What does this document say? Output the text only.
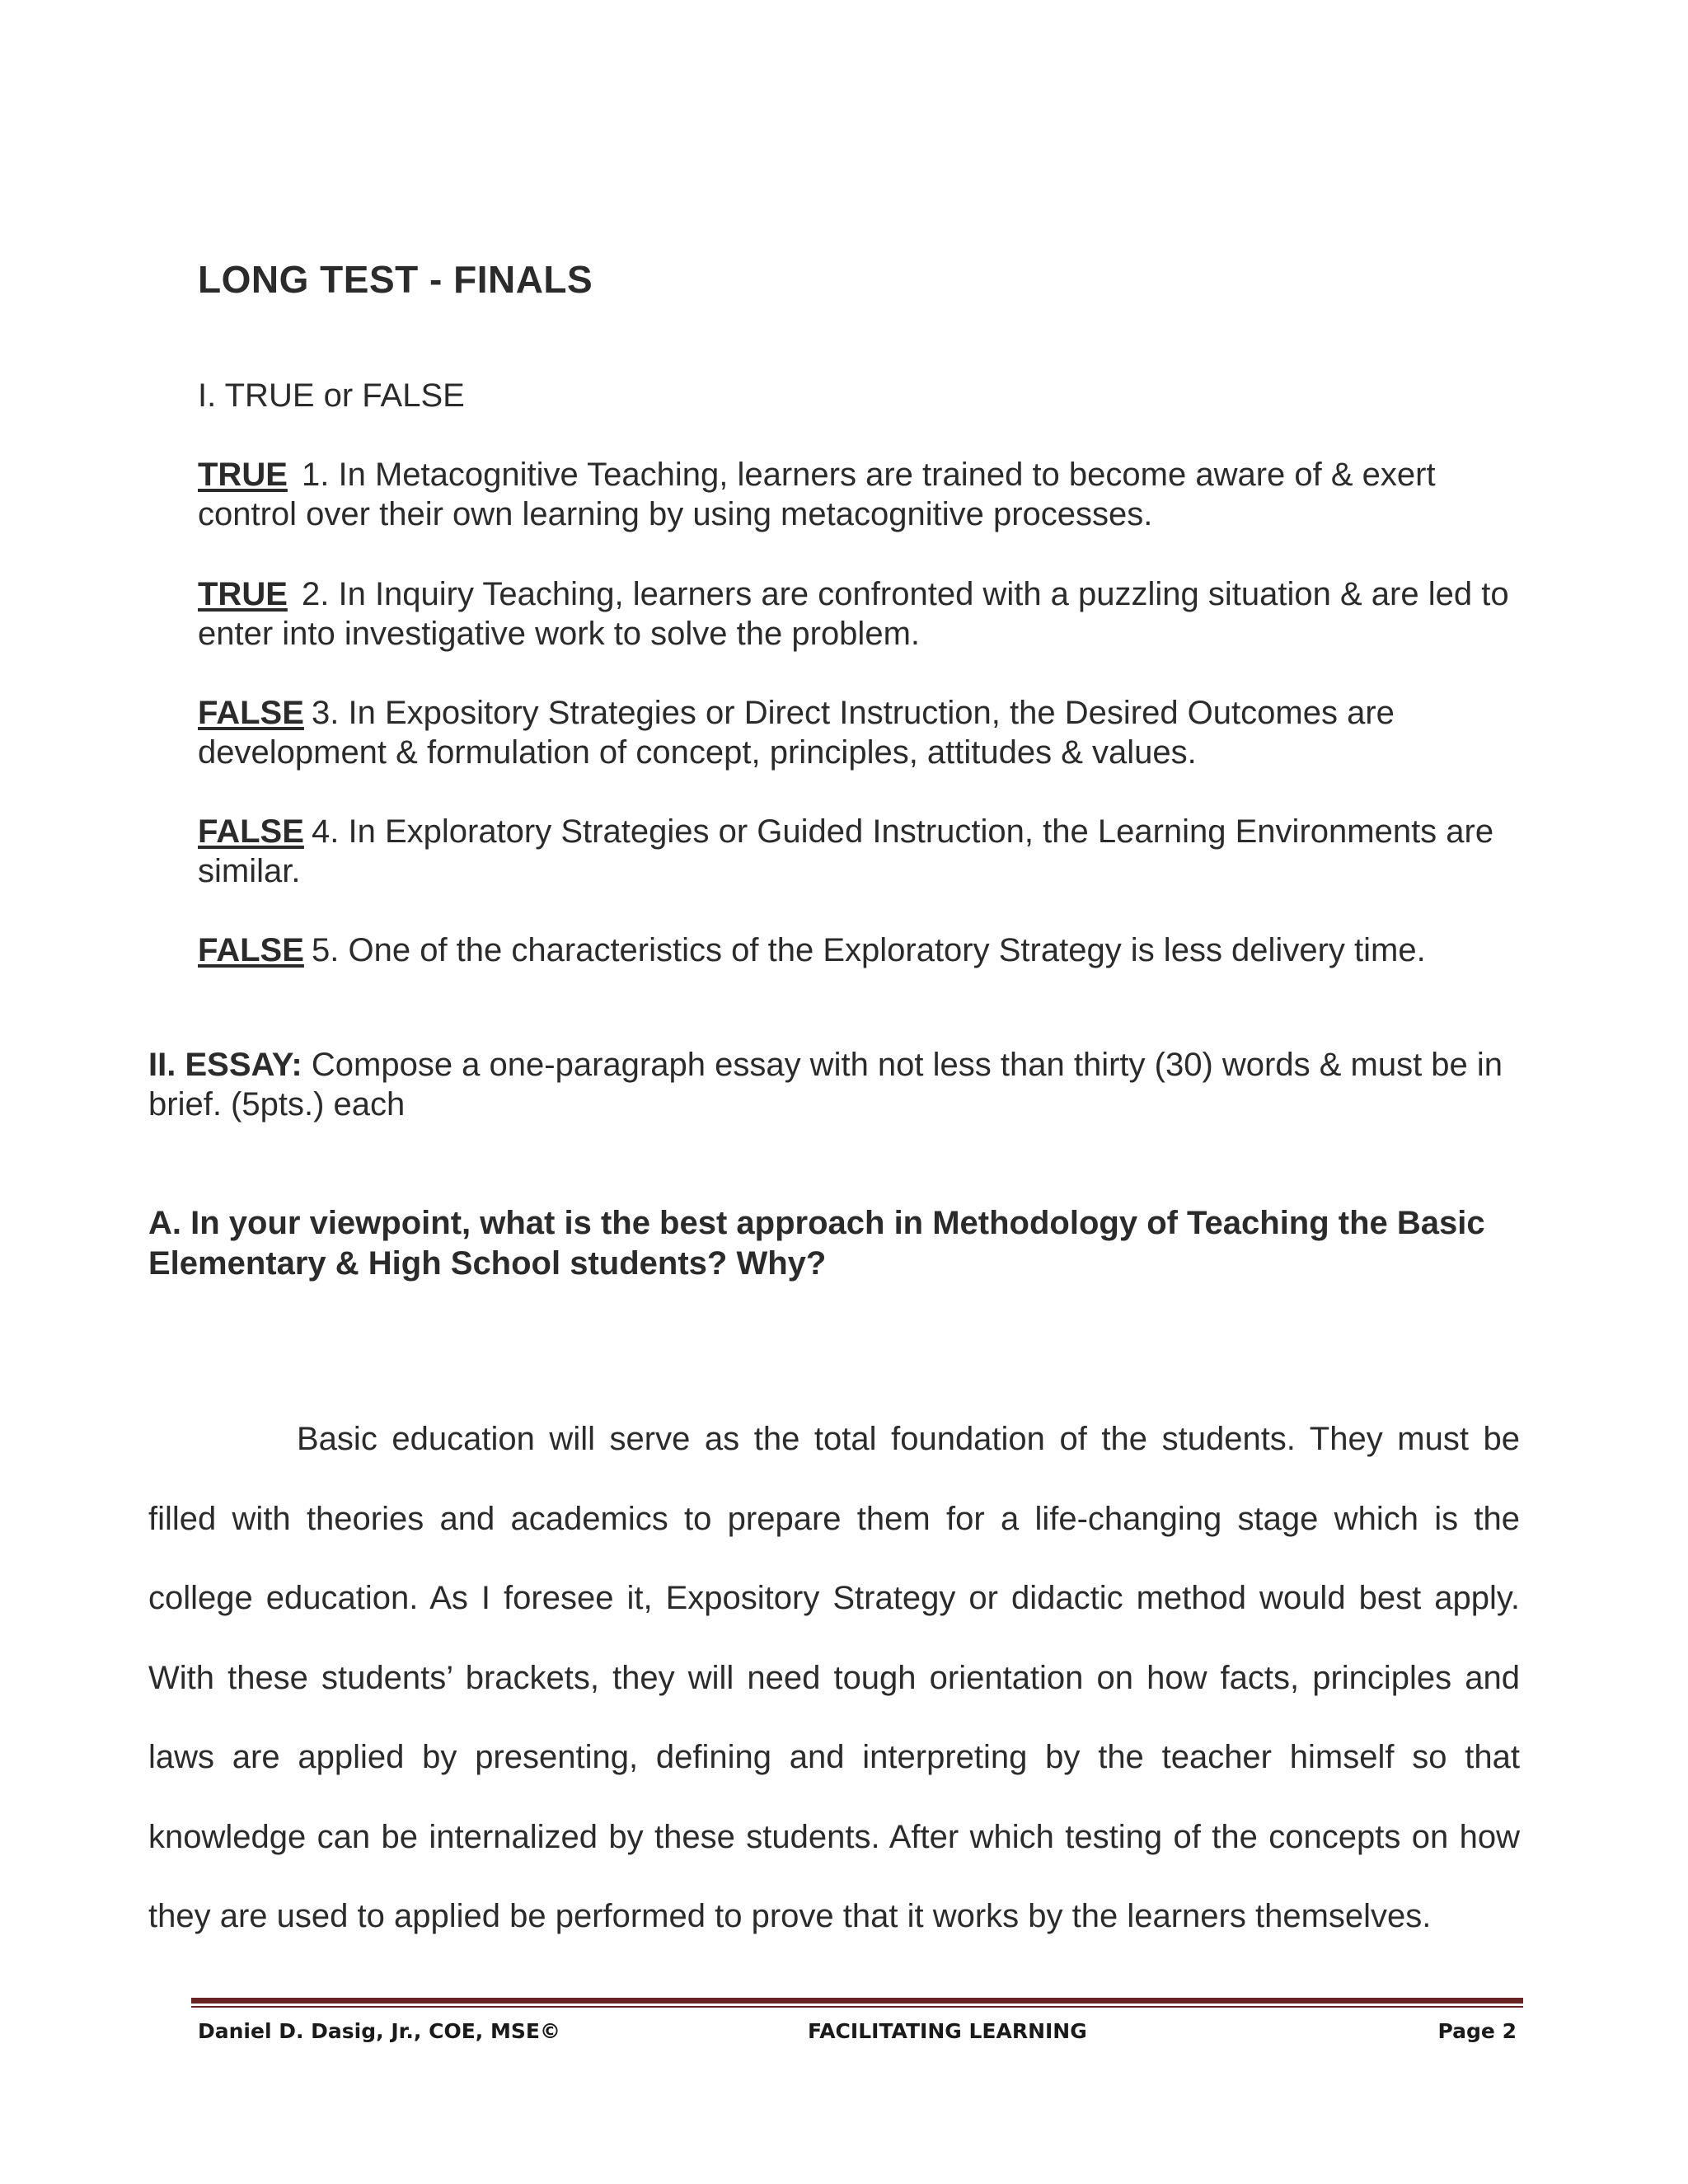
LONG TEST - FINALS
I. TRUE or FALSE
TRUE 1. In Metacognitive Teaching, learners are trained to become aware of & exert control over their own learning by using metacognitive processes.
TRUE 2. In Inquiry Teaching, learners are confronted with a puzzling situation & are led to enter into investigative work to solve the problem.
FALSE 3. In Expository Strategies or Direct Instruction, the Desired Outcomes are development & formulation of concept, principles, attitudes & values.
FALSE 4. In Exploratory Strategies or Guided Instruction, the Learning Environments are similar.
FALSE 5. One of the characteristics of the Exploratory Strategy is less delivery time.
II. ESSAY: Compose a one-paragraph essay with not less than thirty (30) words & must be in brief. (5pts.) each
A. In your viewpoint, what is the best approach in Methodology of Teaching the Basic Elementary & High School students? Why?
Basic education will serve as the total foundation of the students. They must be filled with theories and academics to prepare them for a life-changing stage which is the college education. As I foresee it, Expository Strategy or didactic method would best apply. With these students’ brackets, they will need tough orientation on how facts, principles and laws are applied by presenting, defining and interpreting by the teacher himself so that knowledge can be internalized by these students. After which testing of the concepts on how they are used to applied be performed to prove that it works by the learners themselves.
Daniel D. Dasig, Jr., COE, MSE©	FACILITATING LEARNING	Page 2
